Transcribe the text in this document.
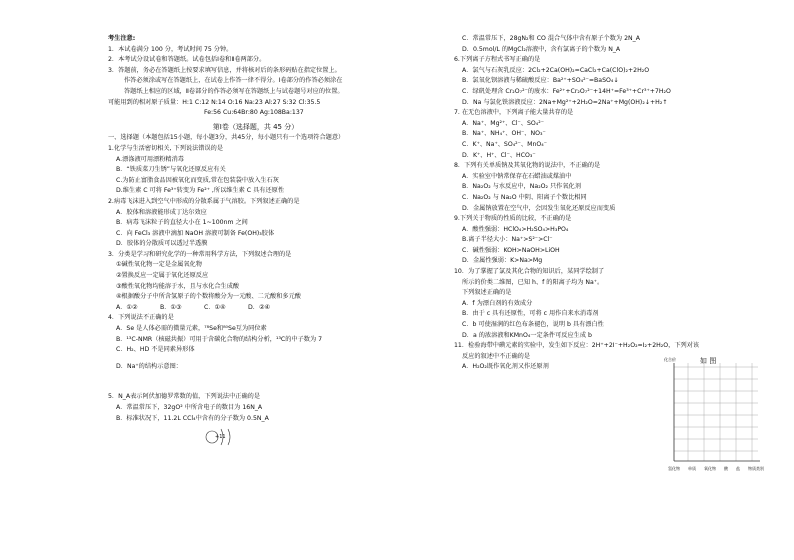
考生注意:
1．本试卷满分 100 分，考试时间 75 分钟。
2．本考试分设试卷和答题纸。试卷包括Ⅰ卷和Ⅱ卷两部分。
3．答题前，务必在答题纸上按要求填写信息，并将核对后的条形码贴在指定位置上。
作答必须涂或写在答题纸上，在试卷上作答一律不得分。Ⅰ卷部分的作答必须涂在
答题纸上相应的区域，Ⅱ卷部分的作答必须写在答题纸上与试卷题号对应的位置。
可能用到的相对原子质量：H:1 C:12 N:14 O:16 Na:23 Al:27 S:32 Cl:35.5
Fe:56 Cu:64Br:80 Ag:108Ba:137
第Ⅰ卷（选择题，共 45 分）
一、选择题（本题包括15小题，每小题3分，共45分，每小题只有一个选项符合题意）
1.化学与生活密切相关, 下列说法错误的是
A.漂涤液可用漂粉精消毒
B．“铁质菜刀生锈”与氧化还原反应有关
C.为防止富脂食品因被氧化而变质,常在包装袋中放入生石灰
D.维生素 C 可将 Fe³⁺转变为 Fe²⁺ ,所以维生素 C 具有还原性
2.病毒飞沫进入到空气中形成的分散系属于气溶胶。下列叙述正确的是
A．胶体和溶液能形成丁达尔效应
B．病毒飞沫粒子的直径大小在 1~100nm 之间
C．向 FeCl₃ 溶液中滴加 NaOH 溶液可制备 Fe(OH)₃胶体
D．胶体的分散质可以透过半透膜
3．分类是学习和研究化学的一种常用科学方法，下列叙述合理的是
①碱性氧化物一定是金属氧化物
②置换反应一定属于氧化还原反应
③酸性氧化物均能溶于水，且与水化合生成酸
④根据酸分子中所含氢原子的个数将酸分为一元酸、二元酸和多元酸
A．①②	B．①③	C．①④	D．②④
4．下列说法不正确的是
A．Se 是人体必需的微量元素，⁷⁸Se和⁸⁰Se互为同位素
B．¹³C-NMR（核磁共振）可用于含碳化合物的结构分析，¹³C的中子数为 7
C．H₂、HD 不是同素异形体
D．Na⁺的结构示意图：
5．N_A表示阿伏加德罗常数的值，下列说法中正确的是
A．常温常压下，32gO² 中所含电子的数目为 16N_A
B．标准状况下，11.2L CCl₄中含有的分子数为 0.5N_A
+11
C．常温常压下，28gN₂和 CO 混合气体中含有原子个数为 2N_A
D．0.5mol/L 的MgCl₂溶液中，含有氯离子的个数为 N_A
6.下列离子方程式书写正确的是
A．氯气与石灰乳反应：2Cl₂+2Ca(OH)₂=CaCl₂+Ca(ClO)₂+2H₂O
B．氯氧化钡溶液与稀硫酸反应：Ba²⁺+SO₄²⁻=BaSO₄↓
C．绿矾处理含 Cr₂O₇²⁻的废水：Fe²⁺+Cr₂O₇²⁻+14H⁺=Fe³⁺+Cr³⁺+7H₂O
D．Na 与氯化铁溶液反应：2Na+Mg²⁺+2H₂O=2Na⁺+Mg(OH)₂↓+H₂↑
7. 在无色溶液中，下列离子能大量共存的是
A．Na⁺、Mg²⁺、Cl⁻、SO₄²⁻
B．Na⁺、NH₄⁺、OH⁻、NO₃⁻
C．K⁺、Na⁺、SO₄²⁻、MnO₄⁻
D．K⁺、H⁺、Cl⁻、HCO₃⁻
8．下列有关单质钠及其氧化物的说法中，不正确的是
A．实验室中钠常保存在石蜡油或煤油中
B．Na₂O₂ 与水反应中，Na₂O₂ 只作氧化剂
C．Na₂O₂ 与 Na₂O 中阴、阳离子个数比相同
D．金属钠放置在空气中，会因发生氧化还原反应而变质
9.下列关于物质的性质的比较，不正确的是
A．酸性强弱：HClO₄>H₂SO₄>H₃PO₄
B.离子半径大小：Na⁺>S²⁻>Cl⁻
C．碱性强弱：KOH>NaOH>LiOH
D．金属性强弱：K>Na>Mg
10．为了掌握了氯及其化合物的知识后，某同学绘制了
所示的价类二维图，已知 h、f 的阳离子均为 Na⁺。
下列叙述正确的是
A．f 为漂白剂的有效成分
B．由于 c 具有还原性，可将 c 用作自来水消毒剂
C．b 可使湿润的红色布条褪色，说明 b 具有漂白性
D．a 的浓溶液和KMnO₄一定条件可反应生成 b
11．检验海带中碘元素的实验中，发生如下反应：2H⁺+2I⁻+H₂O₂=I₂+2H₂O，下列对该
反应的叙述中不正确的是
A．H₂O₂既作氧化剂又作还原剂
如 图
化合价
氢化物 单质 氧化物 酸 盐 物质类别
